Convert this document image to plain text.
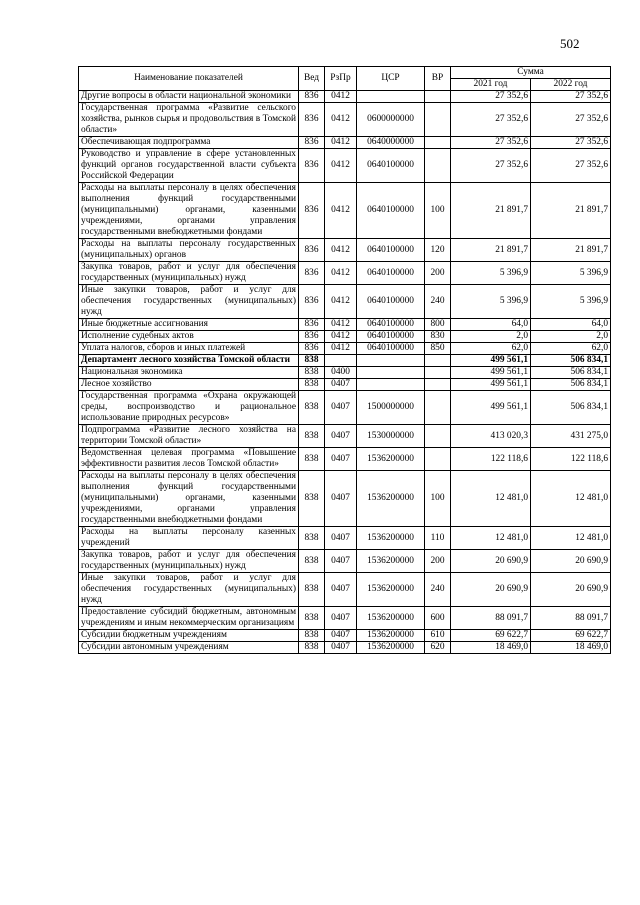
502
Наименование показателей	Вед	РзПр	ЦСР	ВР	Сумма	
					2021 год	2022 год
Другие вопросы в области национальной экономики	836	0412			27 352,6	27 352,6
Государственная программа «Развитие сельского хозяйства, рынков сырья и продовольствия в Томской области»	836	0412	0600000000		27 352,6	27 352,6
Обеспечивающая подпрограмма	836	0412	0640000000		27 352,6	27 352,6
Руководство и управление в сфере установленных функций органов государственной власти субъекта Российской Федерации	836	0412	0640100000		27 352,6	27 352,6
Расходы на выплаты персоналу в целях обеспечения выполнения функций государственными (муниципальными) органами, казенными учреждениями, органами управления государственными внебюджетными фондами	836	0412	0640100000	100	21 891,7	21 891,7
Расходы на выплаты персоналу государственных (муниципальных) органов	836	0412	0640100000	120	21 891,7	21 891,7
Закупка товаров, работ и услуг для обеспечения государственных (муниципальных) нужд	836	0412	0640100000	200	5 396,9	5 396,9
Иные закупки товаров, работ и услуг для обеспечения государственных (муниципальных) нужд	836	0412	0640100000	240	5 396,9	5 396,9
Иные бюджетные ассигнования	836	0412	0640100000	800	64,0	64,0
Исполнение судебных актов	836	0412	0640100000	830	2,0	2,0
Уплата налогов, сборов и иных платежей	836	0412	0640100000	850	62,0	62,0
Департамент лесного хозяйства Томской области	838				499 561,1	506 834,1
Национальная экономика	838	0400			499 561,1	506 834,1
Лесное хозяйство	838	0407			499 561,1	506 834,1
Государственная программа «Охрана окружающей среды, воспроизводство и рациональное использование природных ресурсов»	838	0407	1500000000		499 561,1	506 834,1
Подпрограмма «Развитие лесного хозяйства на территории Томской области»	838	0407	1530000000		413 020,3	431 275,0
Ведомственная целевая программа «Повышение эффективности развития лесов Томской области»	838	0407	1536200000		122 118,6	122 118,6
Расходы на выплаты персоналу в целях обеспечения выполнения функций государственными (муниципальными) органами, казенными учреждениями, органами управления государственными внебюджетными фондами	838	0407	1536200000	100	12 481,0	12 481,0
Расходы на выплаты персоналу казенных учреждений	838	0407	1536200000	110	12 481,0	12 481,0
Закупка товаров, работ и услуг для обеспечения государственных (муниципальных) нужд	838	0407	1536200000	200	20 690,9	20 690,9
Иные закупки товаров, работ и услуг для обеспечения государственных (муниципальных) нужд	838	0407	1536200000	240	20 690,9	20 690,9
Предоставление субсидий бюджетным, автономным учреждениям и иным некоммерческим организациям	838	0407	1536200000	600	88 091,7	88 091,7
Субсидии бюджетным учреждениям	838	0407	1536200000	610	69 622,7	69 622,7
Субсидии автономным учреждениям	838	0407	1536200000	620	18 469,0	18 469,0
